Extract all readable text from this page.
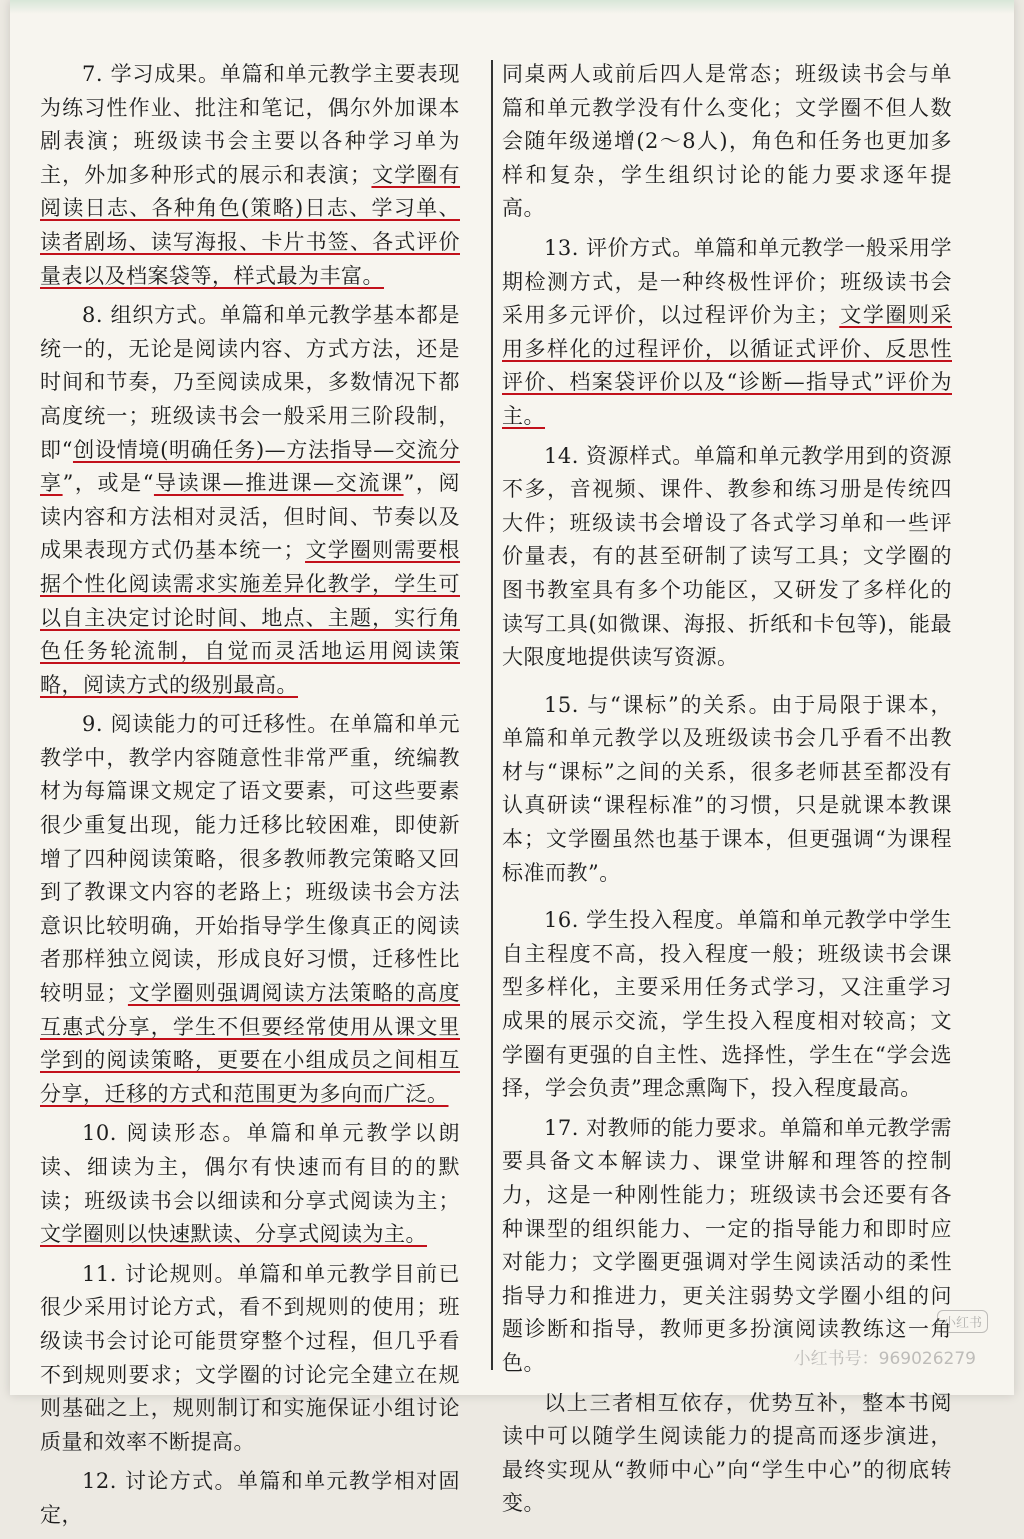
7. 学习成果。单篇和单元教学主要表现为练习性作业、批注和笔记，偶尔外加课本剧表演；班级读书会主要以各种学习单为主，外加多种形式的展示和表演；文学圈有阅读日志、各种角色(策略)日志、学习单、读者剧场、读写海报、卡片书签、各式评价量表以及档案袋等，样式最为丰富。

8. 组织方式。单篇和单元教学基本都是统一的，无论是阅读内容、方式方法，还是时间和节奏，乃至阅读成果，多数情况下都高度统一；班级读书会一般采用三阶段制，即“创设情境(明确任务)—方法指导—交流分享”，或是“导读课—推进课—交流课”，阅读内容和方法相对灵活，但时间、节奏以及成果表现方式仍基本统一；文学圈则需要根据个性化阅读需求实施差异化教学，学生可以自主决定讨论时间、地点、主题，实行角色任务轮流制，自觉而灵活地运用阅读策略，阅读方式的级别最高。

9. 阅读能力的可迁移性。在单篇和单元教学中，教学内容随意性非常严重，统编教材为每篇课文规定了语文要素，可这些要素很少重复出现，能力迁移比较困难，即使新增了四种阅读策略，很多教师教完策略又回到了教课文内容的老路上；班级读书会方法意识比较明确，开始指导学生像真正的阅读者那样独立阅读，形成良好习惯，迁移性比较明显；文学圈则强调阅读方法策略的高度互惠式分享，学生不但要经常使用从课文里学到的阅读策略，更要在小组成员之间相互分享，迁移的方式和范围更为多向而广泛。

10. 阅读形态。单篇和单元教学以朗读、细读为主，偶尔有快速而有目的的默读；班级读书会以细读和分享式阅读为主；文学圈则以快速默读、分享式阅读为主。

11. 讨论规则。单篇和单元教学目前已很少采用讨论方式，看不到规则的使用；班级读书会讨论可能贯穿整个过程，但几乎看不到规则要求；文学圈的讨论完全建立在规则基础之上，规则制订和实施保证小组讨论质量和效率不断提高。

12. 讨论方式。单篇和单元教学相对固定，

同桌两人或前后四人是常态；班级读书会与单篇和单元教学没有什么变化；文学圈不但人数会随年级递增(2～8人)，角色和任务也更加多样和复杂，学生组织讨论的能力要求逐年提高。

13. 评价方式。单篇和单元教学一般采用学期检测方式，是一种终极性评价；班级读书会采用多元评价，以过程评价为主；文学圈则采用多样化的过程评价，以循证式评价、反思性评价、档案袋评价以及“诊断—指导式”评价为主。

14. 资源样式。单篇和单元教学用到的资源不多，音视频、课件、教参和练习册是传统四大件；班级读书会增设了各式学习单和一些评价量表，有的甚至研制了读写工具；文学圈的图书教室具有多个功能区，又研发了多样化的读写工具(如微课、海报、折纸和卡包等)，能最大限度地提供读写资源。

15. 与“课标”的关系。由于局限于课本，单篇和单元教学以及班级读书会几乎看不出教材与“课标”之间的关系，很多老师甚至都没有认真研读“课程标准”的习惯，只是就课本教课本；文学圈虽然也基于课本，但更强调“为课程标准而教”。

16. 学生投入程度。单篇和单元教学中学生自主程度不高，投入程度一般；班级读书会课型多样化，主要采用任务式学习，又注重学习成果的展示交流，学生投入程度相对较高；文学圈有更强的自主性、选择性，学生在“学会选择，学会负责”理念熏陶下，投入程度最高。

17. 对教师的能力要求。单篇和单元教学需要具备文本解读力、课堂讲解和理答的控制力，这是一种刚性能力；班级读书会还要有各种课型的组织能力、一定的指导能力和即时应对能力；文学圈更强调对学生阅读活动的柔性指导力和推进力，更关注弱势文学圈小组的问题诊断和指导，教师更多扮演阅读教练这一角色。

以上三者相互依存，优势互补，整本书阅读中可以随学生阅读能力的提高而逐步演进，最终实现从“教师中心”向“学生中心”的彻底转变。

小红书
小红书号：969026279
